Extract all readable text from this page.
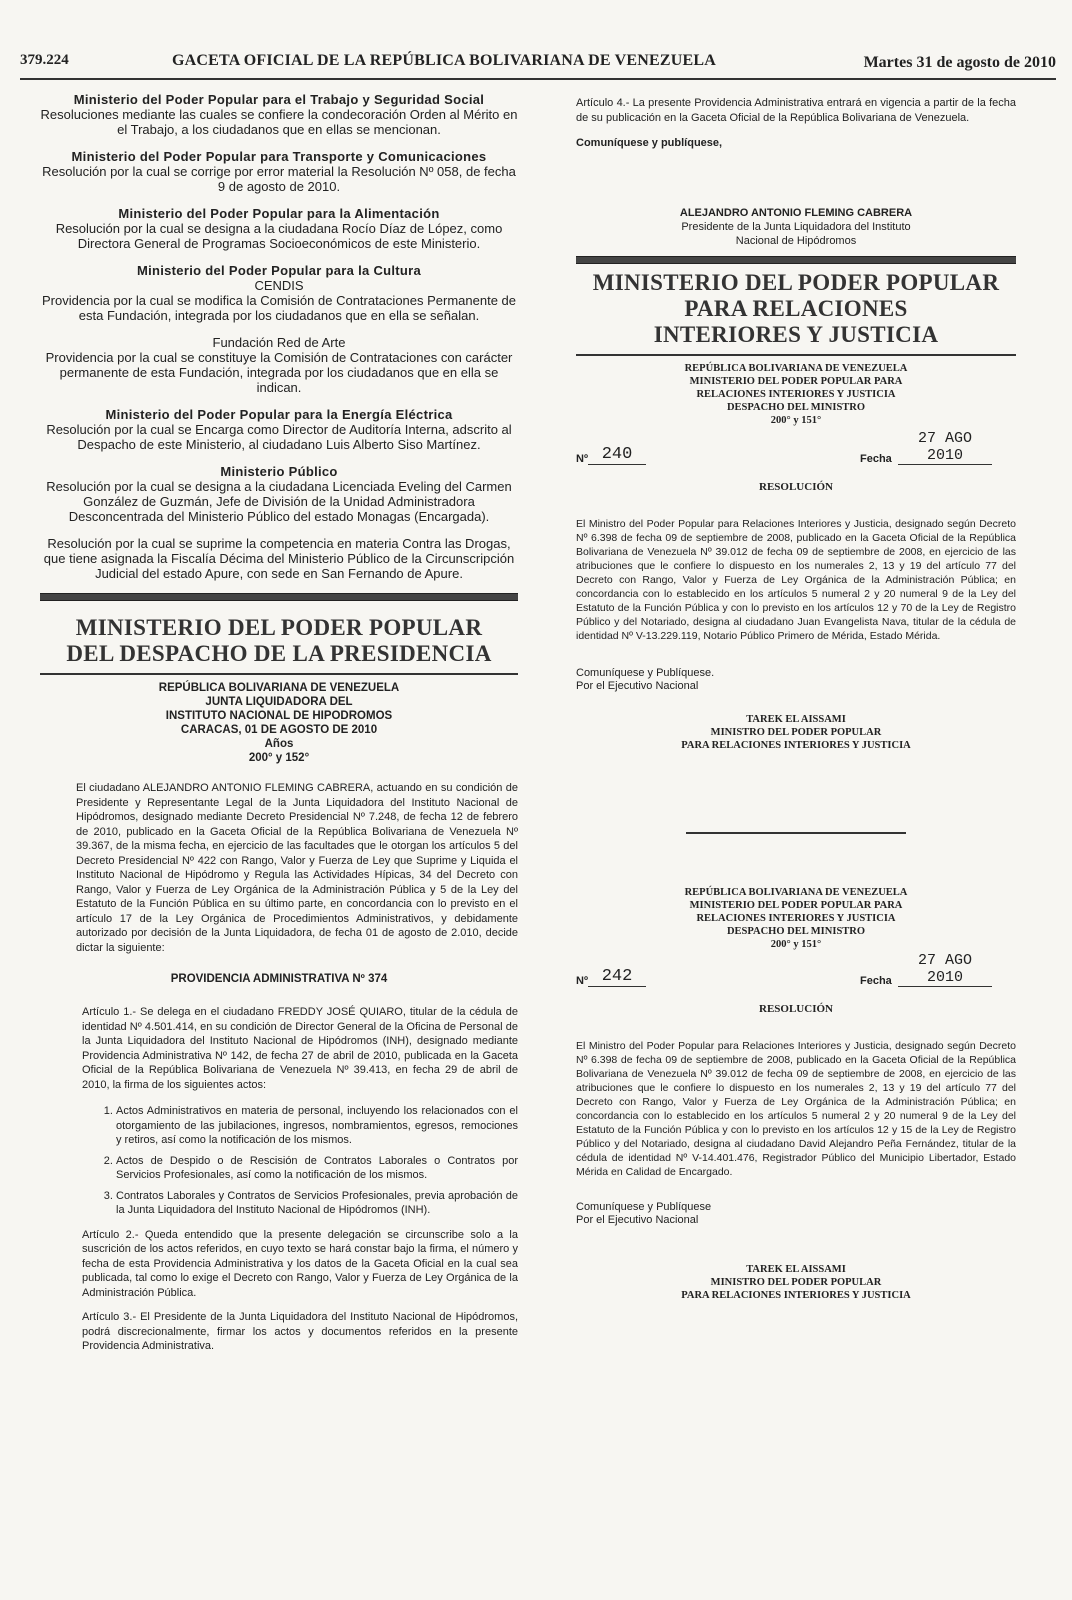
379.224	GACETA OFICIAL DE LA REPÚBLICA BOLIVARIANA DE VENEZUELA	Martes 31 de agosto de 2010
Ministerio del Poder Popular para el Trabajo y Seguridad Social
Resoluciones mediante las cuales se confiere la condecoración Orden al Mérito en el Trabajo, a los ciudadanos que en ellas se mencionan.
Ministerio del Poder Popular para Transporte y Comunicaciones
Resolución por la cual se corrige por error material la Resolución Nº 058, de fecha 9 de agosto de 2010.
Ministerio del Poder Popular para la Alimentación
Resolución por la cual se designa a la ciudadana Rocío Díaz de López, como Directora General de Programas Socioeconómicos de este Ministerio.
Ministerio del Poder Popular para la Cultura
CENDIS
Providencia por la cual se modifica la Comisión de Contrataciones Permanente de esta Fundación, integrada por los ciudadanos que en ella se señalan.
Fundación Red de Arte
Providencia por la cual se constituye la Comisión de Contrataciones con carácter permanente de esta Fundación, integrada por los ciudadanos que en ella se indican.
Ministerio del Poder Popular para la Energía Eléctrica
Resolución por la cual se Encarga como Director de Auditoría Interna, adscrito al Despacho de este Ministerio, al ciudadano Luis Alberto Siso Martínez.
Ministerio Público
Resolución por la cual se designa a la ciudadana Licenciada Eveling del Carmen González de Guzmán, Jefe de División de la Unidad Administradora Desconcentrada del Ministerio Público del estado Monagas (Encargada).
Resolución por la cual se suprime la competencia en materia Contra las Drogas, que tiene asignada la Fiscalía Décima del Ministerio Público de la Circunscripción Judicial del estado Apure, con sede en San Fernando de Apure.
MINISTERIO DEL PODER POPULAR
DEL DESPACHO DE LA PRESIDENCIA
REPÚBLICA BOLIVARIANA DE VENEZUELA
JUNTA LIQUIDADORA DEL
INSTITUTO NACIONAL DE HIPODROMOS
CARACAS, 01 DE AGOSTO DE 2010
Años
200° y 152°

El ciudadano ALEJANDRO ANTONIO FLEMING CABRERA, actuando en su condición de Presidente y Representante Legal de la Junta Liquidadora del Instituto Nacional de Hipódromos, designado mediante Decreto Presidencial Nº 7.248, de fecha 12 de febrero de 2010, publicado en la Gaceta Oficial de la República Bolivariana de Venezuela Nº 39.367, de la misma fecha, en ejercicio de las facultades que le otorgan los artículos 5 del Decreto Presidencial Nº 422 con Rango, Valor y Fuerza de Ley que Suprime y Liquida el Instituto Nacional de Hipódromo y Regula las Actividades Hípicas, 34 del Decreto con Rango, Valor y Fuerza de Ley Orgánica de la Administración Pública y 5 de la Ley del Estatuto de la Función Pública en su último parte, en concordancia con lo previsto en el artículo 17 de la Ley Orgánica de Procedimientos Administrativos, y debidamente autorizado por decisión de la Junta Liquidadora, de fecha 01 de agosto de 2.010, decide dictar la siguiente:

PROVIDENCIA ADMINISTRATIVA Nº 374

Artículo 1.- Se delega en el ciudadano FREDDY JOSÉ QUIARO, titular de la cédula de identidad Nº 4.501.414, en su condición de Director General de la Oficina de Personal de la Junta Liquidadora del Instituto Nacional de Hipódromos (INH), designado mediante Providencia Administrativa Nº 142, de fecha 27 de abril de 2010, publicada en la Gaceta Oficial de la República Bolivariana de Venezuela Nº 39.413, en fecha 29 de abril de 2010, la firma de los siguientes actos:

1. Actos Administrativos en materia de personal, incluyendo los relacionados con el otorgamiento de las jubilaciones, ingresos, nombramientos, egresos, remociones y retiros, así como la notificación de los mismos.
2. Actos de Despido o de Rescisión de Contratos Laborales o Contratos por Servicios Profesionales, así como la notificación de los mismos.
3. Contratos Laborales y Contratos de Servicios Profesionales, previa aprobación de la Junta Liquidadora del Instituto Nacional de Hipódromos (INH).

Artículo 2.- Queda entendido que la presente delegación se circunscribe solo a la suscrición de los actos referidos, en cuyo texto se hará constar bajo la firma, el número y fecha de esta Providencia Administrativa y los datos de la Gaceta Oficial en la cual sea publicada, tal como lo exige el Decreto con Rango, Valor y Fuerza de Ley Orgánica de la Administración Pública.

Artículo 3.- El Presidente de la Junta Liquidadora del Instituto Nacional de Hipódromos, podrá discrecionalmente, firmar los actos y documentos referidos en la presente Providencia Administrativa.

Artículo 4.- La presente Providencia Administrativa entrará en vigencia a partir de la fecha de su publicación en la Gaceta Oficial de la República Bolivariana de Venezuela.

Comuníquese y publíquese,
ALEJANDRO ANTONIO FLEMING CABRERA
Presidente de la Junta Liquidadora del Instituto
Nacional de Hipódromos
MINISTERIO DEL PODER POPULAR
PARA RELACIONES
INTERIORES Y JUSTICIA
REPÚBLICA BOLIVARIANA DE VENEZUELA
MINISTERIO DEL PODER POPULAR PARA
RELACIONES INTERIORES Y JUSTICIA
DESPACHO DEL MINISTRO
200° y 151°
Nº 240	Fecha
27 AGO 2010
RESOLUCIÓN

El Ministro del Poder Popular para Relaciones Interiores y Justicia, designado según Decreto Nº 6.398 de fecha 09 de septiembre de 2008, publicado en la Gaceta Oficial de la República Bolivariana de Venezuela Nº 39.012 de fecha 09 de septiembre de 2008, en ejercicio de las atribuciones que le confiere lo dispuesto en los numerales 2, 13 y 19 del artículo 77 del Decreto con Rango, Valor y Fuerza de Ley Orgánica de la Administración Pública; en concordancia con lo establecido en los artículos 5 numeral 2 y 20 numeral 9 de la Ley del Estatuto de la Función Pública y con lo previsto en los artículos 12 y 70 de la Ley de Registro Público y del Notariado, designa al ciudadano Juan Evangelista Nava, titular de la cédula de identidad Nº V-13.229.119, Notario Público Primero de Mérida, Estado Mérida.

Comuníquese y Publíquese.
Por el Ejecutivo Nacional
TAREK EL AISSAMI
MINISTRO DEL PODER POPULAR
PARA RELACIONES INTERIORES Y JUSTICIA
REPÚBLICA BOLIVARIANA DE VENEZUELA
MINISTERIO DEL PODER POPULAR PARA
RELACIONES INTERIORES Y JUSTICIA
DESPACHO DEL MINISTRO
200° y 151°
Nº 242	Fecha
27 AGO 2010
RESOLUCIÓN

El Ministro del Poder Popular para Relaciones Interiores y Justicia, designado según Decreto Nº 6.398 de fecha 09 de septiembre de 2008, publicado en la Gaceta Oficial de la República Bolivariana de Venezuela Nº 39.012 de fecha 09 de septiembre de 2008, en ejercicio de las atribuciones que le confiere lo dispuesto en los numerales 2, 13 y 19 del artículo 77 del Decreto con Rango, Valor y Fuerza de Ley Orgánica de la Administración Pública; en concordancia con lo establecido en los artículos 5 numeral 2 y 20 numeral 9 de la Ley del Estatuto de la Función Pública y con lo previsto en los artículos 12 y 15 de la Ley de Registro Público y del Notariado, designa al ciudadano David Alejandro Peña Fernández, titular de la cédula de identidad Nº V-14.401.476, Registrador Público del Municipio Libertador, Estado Mérida en Calidad de Encargado.

Comuníquese y Publíquese
Por el Ejecutivo Nacional
TAREK EL AISSAMI
MINISTRO DEL PODER POPULAR
PARA RELACIONES INTERIORES Y JUSTICIA
